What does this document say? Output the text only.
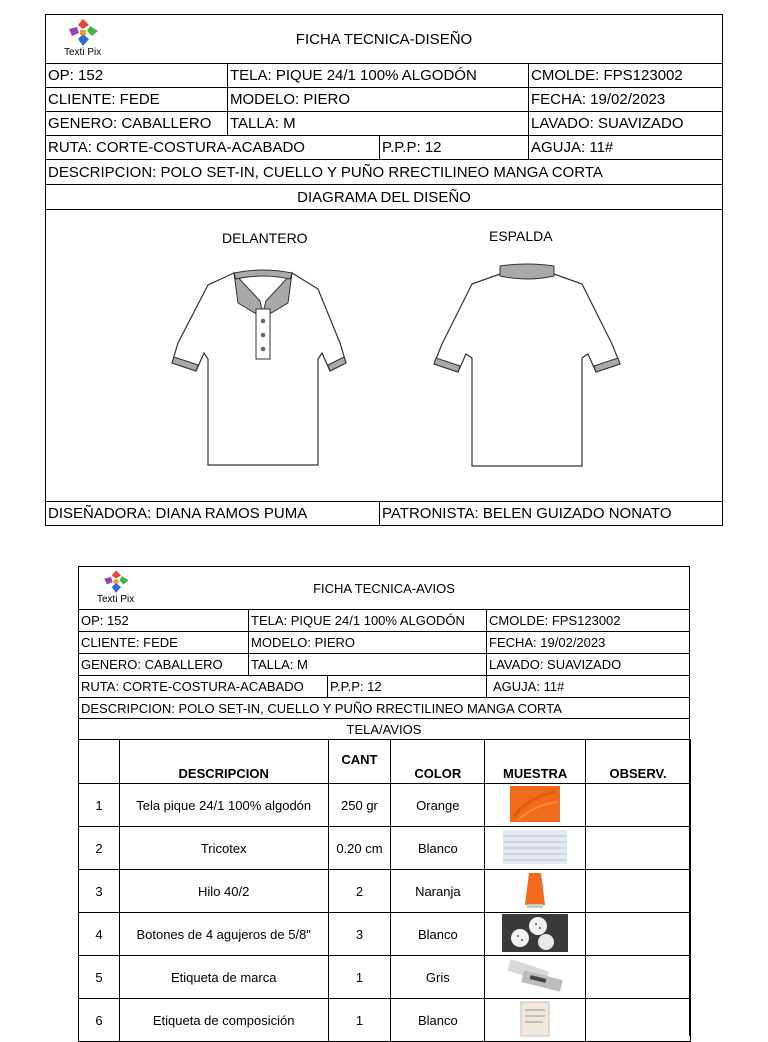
Texti Pix
FICHA TECNICA-DISEÑO
OP: 152	TELA: PIQUE 24/1 100% ALGODÓN	CMOLDE: FPS123002
CLIENTE: FEDE	MODELO: PIERO	FECHA: 19/02/2023
GENERO: CABALLERO	TALLA: M	LAVADO: SUAVIZADO
RUTA: CORTE-COSTURA-ACABADO	P.P.P: 12	AGUJA: 11#
DESCRIPCION: POLO SET-IN, CUELLO Y PUÑO RRECTILINEO MANGA CORTA
DIAGRAMA DEL DISEÑO
DELANTERO	ESPALDA
DISEÑADORA: DIANA RAMOS PUMA	PATRONISTA: BELEN GUIZADO NONATO
Texti Pix
FICHA TECNICA-AVIOS
OP: 152	TELA: PIQUE 24/1 100% ALGODÓN	CMOLDE: FPS123002
CLIENTE: FEDE	MODELO: PIERO	FECHA: 19/02/2023
GENERO: CABALLERO	TALLA: M	LAVADO: SUAVIZADO
RUTA: CORTE-COSTURA-ACABADO	P.P.P: 12	AGUJA: 11#
DESCRIPCION: POLO SET-IN, CUELLO Y PUÑO RRECTILINEO MANGA CORTA
TELA/AVIOS
	DESCRIPCION	CANT	COLOR	MUESTRA	OBSERV.
1	Tela pique 24/1 100% algodón	250 gr	Orange		
2	Tricotex	0.20 cm	Blanco		
3	Hilo 40/2	2	Naranja		
4	Botones de 4 agujeros de 5/8"	3	Blanco		
5	Etiqueta de marca	1	Gris		
6	Etiqueta de composición	1	Blanco		
